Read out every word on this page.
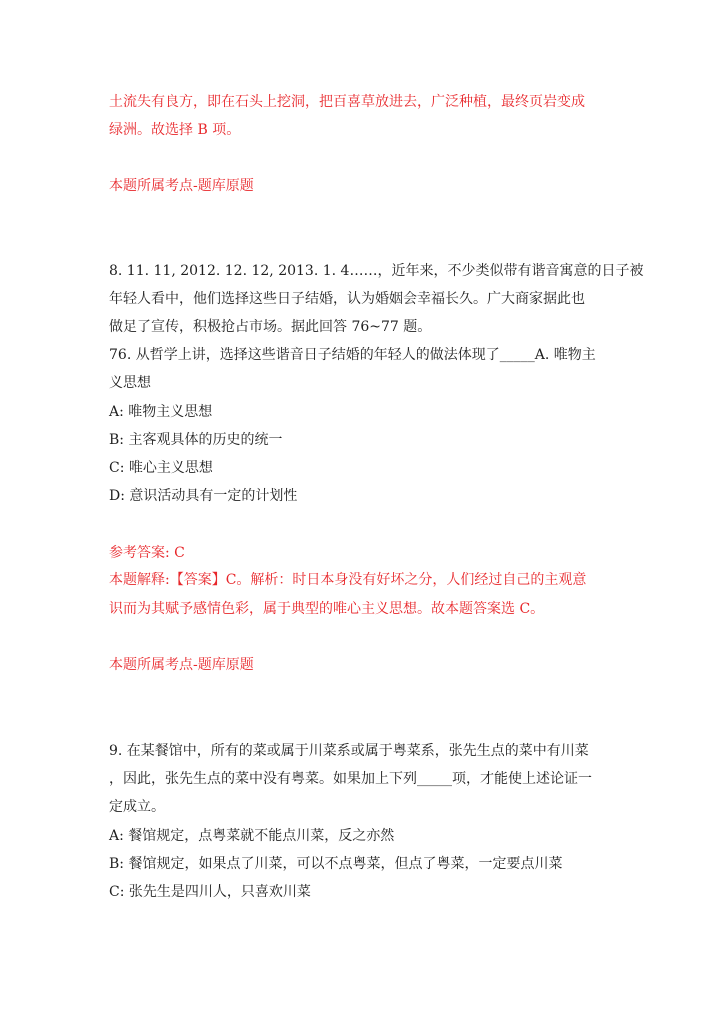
土流失有良方，即在石头上挖洞，把百喜草放进去，广泛种植，最终页岩变成
绿洲。故选择 B 项。
本题所属考点-题库原题
8. 11. 11, 2012. 12. 12, 2013. 1. 4……，近年来，不少类似带有谐音寓意的日子被
年轻人看中，他们选择这些日子结婚，认为婚姻会幸福长久。广大商家据此也
做足了宣传，积极抢占市场。据此回答 76~77 题。
76. 从哲学上讲，选择这些谐音日子结婚的年轻人的做法体现了_____A. 唯物主
义思想
A: 唯物主义思想
B: 主客观具体的历史的统一
C: 唯心主义思想
D: 意识活动具有一定的计划性
参考答案: C
本题解释:【答案】C。解析：时日本身没有好坏之分，人们经过自己的主观意
识而为其赋予感情色彩，属于典型的唯心主义思想。故本题答案选 C。
本题所属考点-题库原题
9. 在某餐馆中，所有的菜或属于川菜系或属于粤菜系，张先生点的菜中有川菜
，因此，张先生点的菜中没有粤菜。如果加上下列_____项，才能使上述论证一
定成立。
A: 餐馆规定，点粤菜就不能点川菜，反之亦然
B: 餐馆规定，如果点了川菜，可以不点粤菜，但点了粤菜，一定要点川菜
C: 张先生是四川人，只喜欢川菜
